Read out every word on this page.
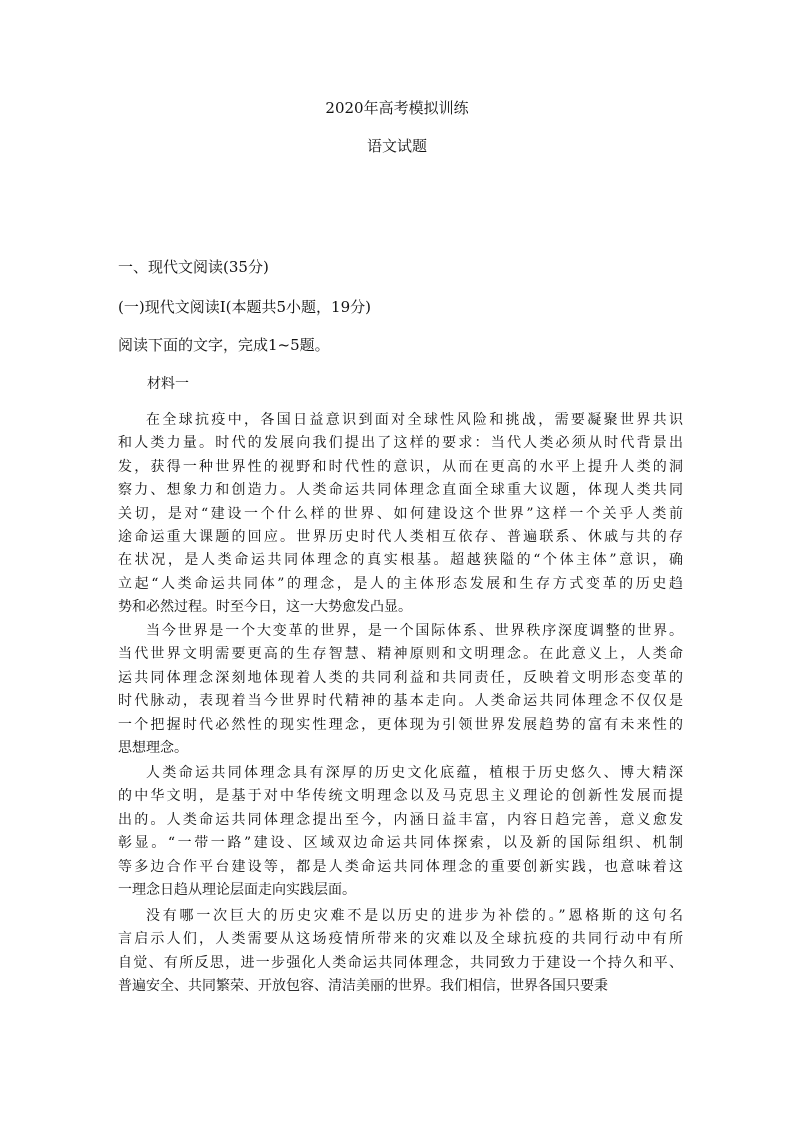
2020年高考模拟训练
语文试题

一、现代文阅读(35分)

(一)现代文阅读Ⅰ(本题共5小题，19分)

阅读下面的文字，完成1~5题。

材料一

在全球抗疫中，各国日益意识到面对全球性风险和挑战，需要凝聚世界共识
和人类力量。时代的发展向我们提出了这样的要求：当代人类必须从时代背景出
发，获得一种世界性的视野和时代性的意识，从而在更高的水平上提升人类的洞
察力、想象力和创造力。人类命运共同体理念直面全球重大议题，体现人类共同
关切，是对“建设一个什么样的世界、如何建设这个世界”这样一个关乎人类前
途命运重大课题的回应。世界历史时代人类相互依存、普遍联系、休戚与共的存
在状况，是人类命运共同体理念的真实根基。超越狭隘的“个体主体”意识，确
立起“人类命运共同体”的理念，是人的主体形态发展和生存方式变革的历史趋
势和必然过程。时至今日，这一大势愈发凸显。
当今世界是一个大变革的世界，是一个国际体系、世界秩序深度调整的世界。
当代世界文明需要更高的生存智慧、精神原则和文明理念。在此意义上，人类命
运共同体理念深刻地体现着人类的共同利益和共同责任，反映着文明形态变革的
时代脉动，表现着当今世界时代精神的基本走向。人类命运共同体理念不仅仅是
一个把握时代必然性的现实性理念，更体现为引领世界发展趋势的富有未来性的
思想理念。
人类命运共同体理念具有深厚的历史文化底蕴，植根于历史悠久、博大精深
的中华文明，是基于对中华传统文明理念以及马克思主义理论的创新性发展而提
出的。人类命运共同体理念提出至今，内涵日益丰富，内容日趋完善，意义愈发
彰显。“一带一路”建设、区域双边命运共同体探索，以及新的国际组织、机制
等多边合作平台建设等，都是人类命运共同体理念的重要创新实践，也意味着这
一理念日趋从理论层面走向实践层面。
没有哪一次巨大的历史灾难不是以历史的进步为补偿的。”恩格斯的这句名
言启示人们，人类需要从这场疫情所带来的灾难以及全球抗疫的共同行动中有所
自觉、有所反思，进一步强化人类命运共同体理念，共同致力于建设一个持久和平、
普遍安全、共同繁荣、开放包容、清洁美丽的世界。我们相信，世界各国只要秉
